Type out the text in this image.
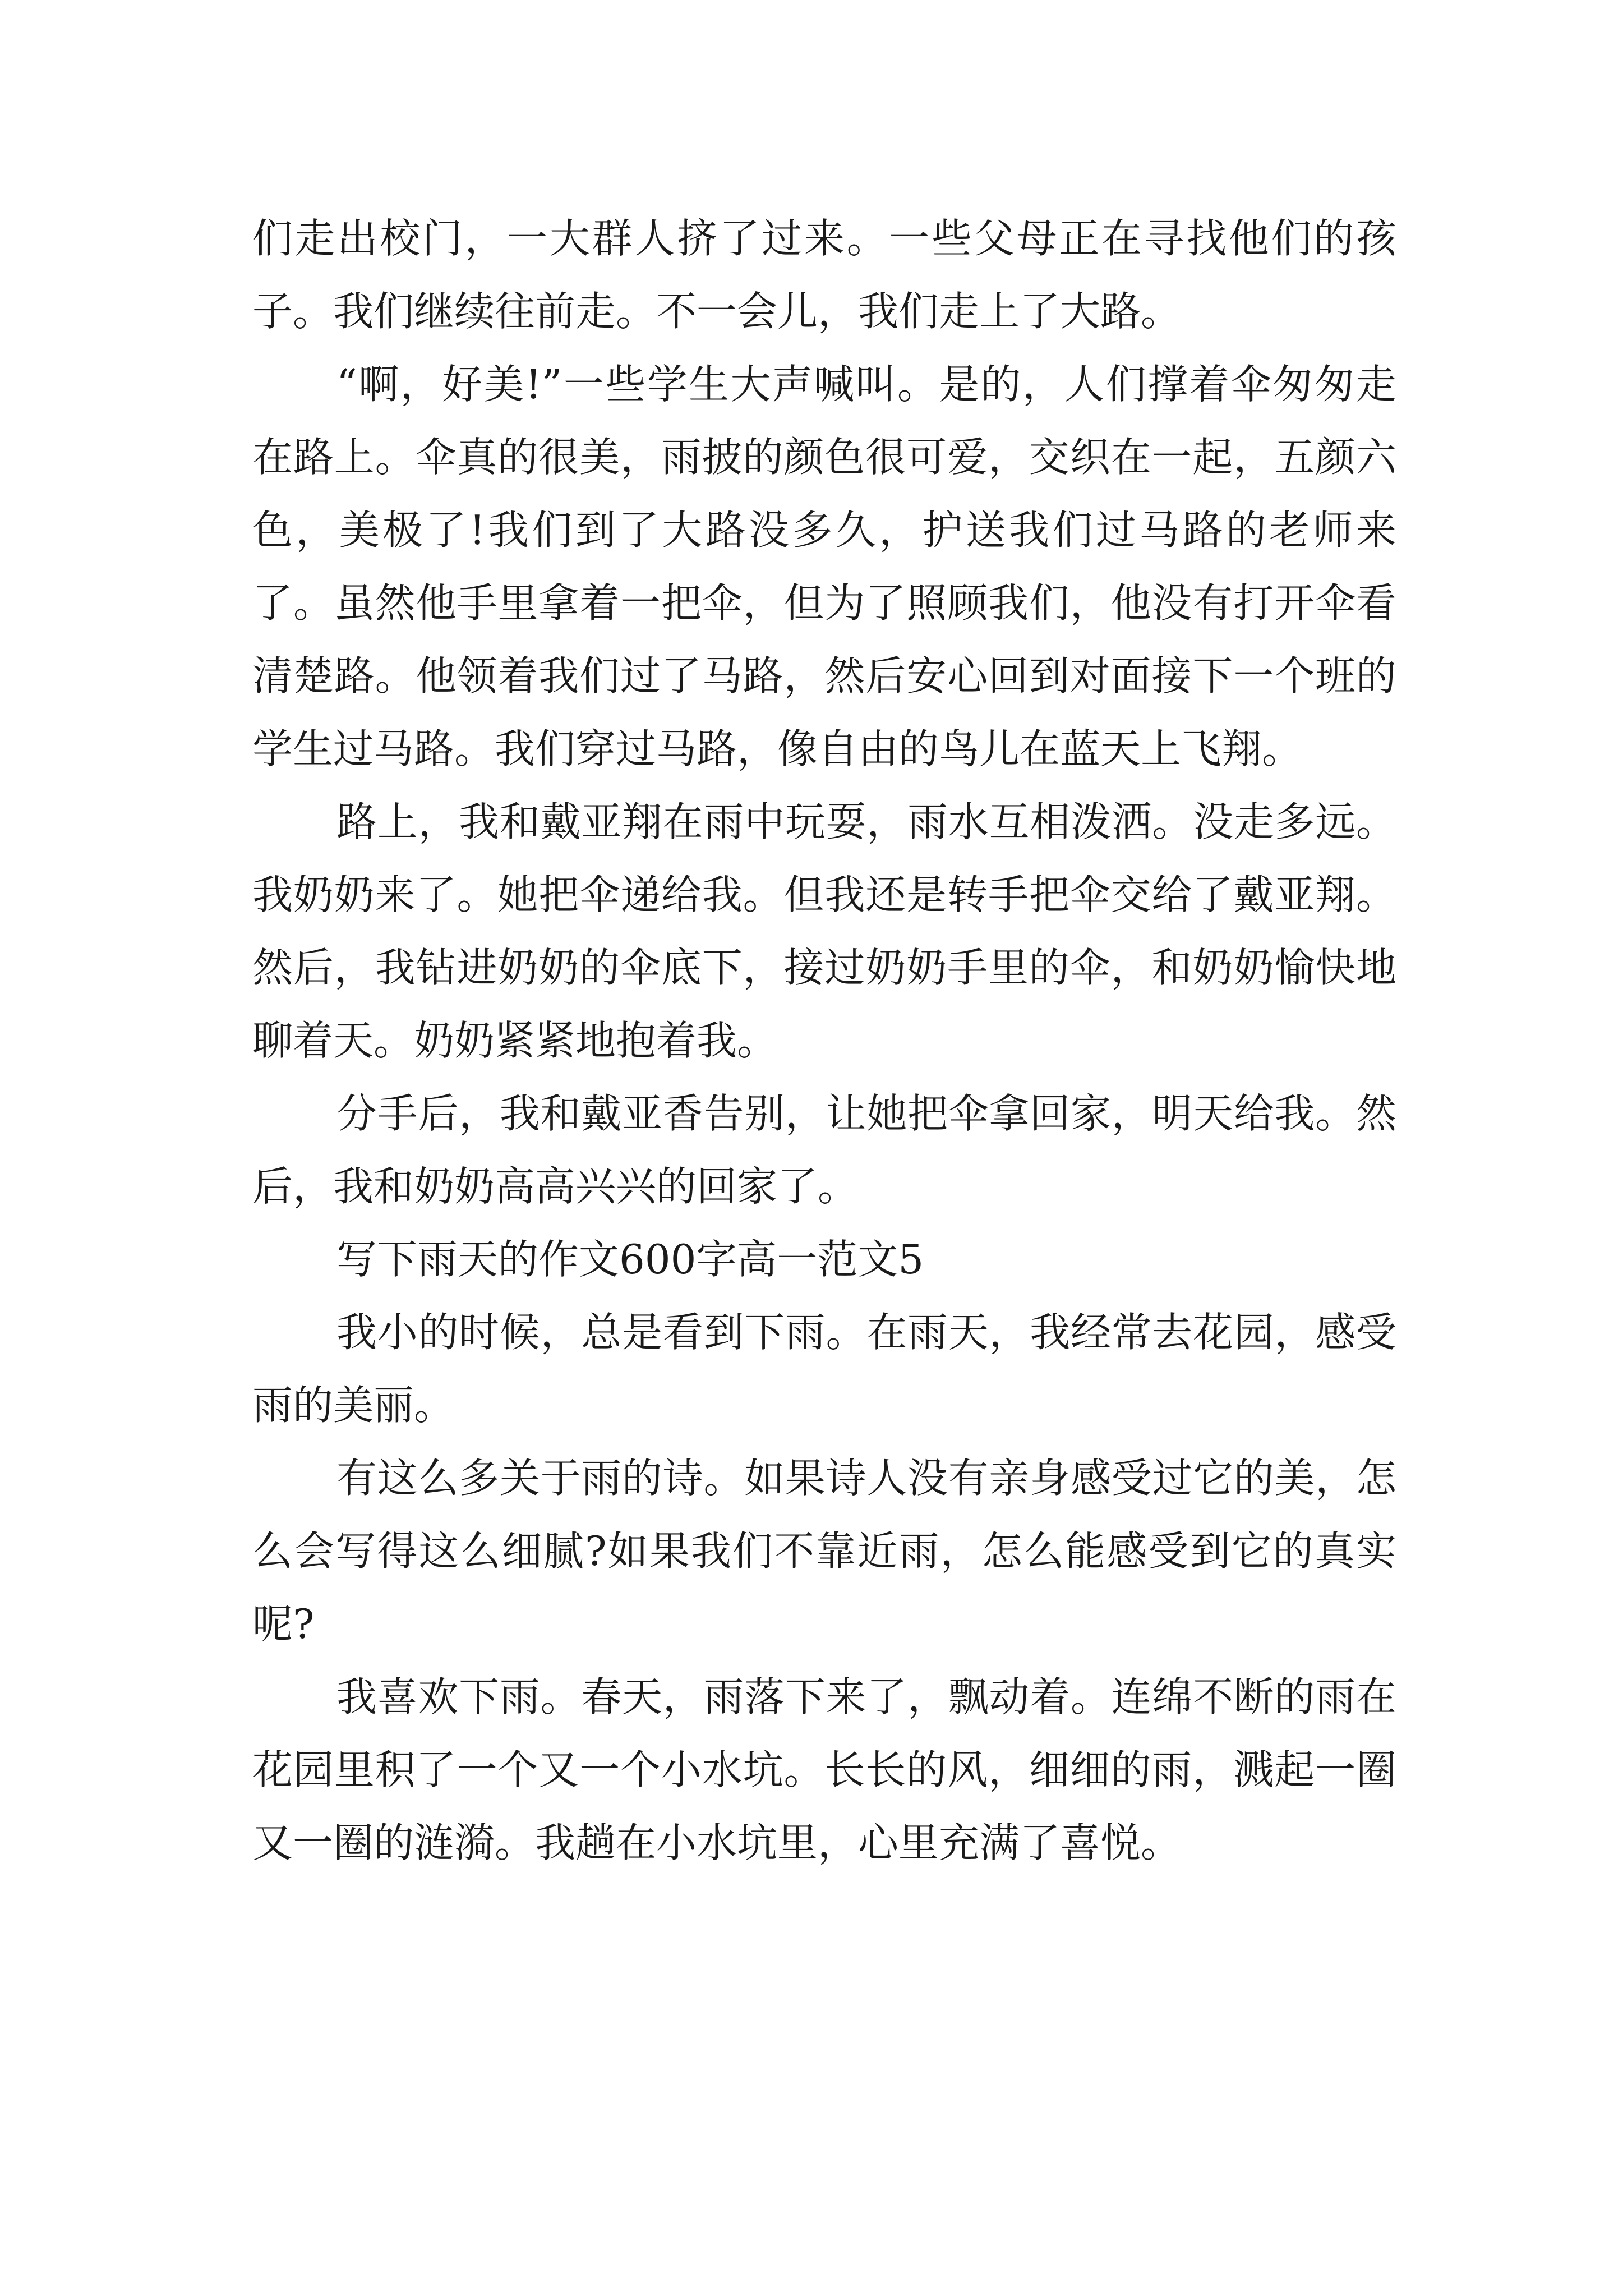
们走出校门，一大群人挤了过来。一些父母正在寻找他们的孩子。我们继续往前走。不一会儿，我们走上了大路。

“啊，好美!”一些学生大声喊叫。是的，人们撑着伞匆匆走在路上。伞真的很美，雨披的颜色很可爱，交织在一起，五颜六色，美极了!我们到了大路没多久，护送我们过马路的老师来了。虽然他手里拿着一把伞，但为了照顾我们，他没有打开伞看清楚路。他领着我们过了马路，然后安心回到对面接下一个班的学生过马路。我们穿过马路，像自由的鸟儿在蓝天上飞翔。

路上，我和戴亚翔在雨中玩耍，雨水互相泼洒。没走多远。我奶奶来了。她把伞递给我。但我还是转手把伞交给了戴亚翔。然后，我钻进奶奶的伞底下，接过奶奶手里的伞，和奶奶愉快地聊着天。奶奶紧紧地抱着我。

分手后，我和戴亚香告别，让她把伞拿回家，明天给我。然后，我和奶奶高高兴兴的回家了。

写下雨天的作文600字高一范文5

我小的时候，总是看到下雨。在雨天，我经常去花园，感受雨的美丽。

有这么多关于雨的诗。如果诗人没有亲身感受过它的美，怎么会写得这么细腻?如果我们不靠近雨，怎么能感受到它的真实呢?

我喜欢下雨。春天，雨落下来了，飘动着。连绵不断的雨在花园里积了一个又一个小水坑。长长的风，细细的雨，溅起一圈又一圈的涟漪。我趟在小水坑里，心里充满了喜悦。
